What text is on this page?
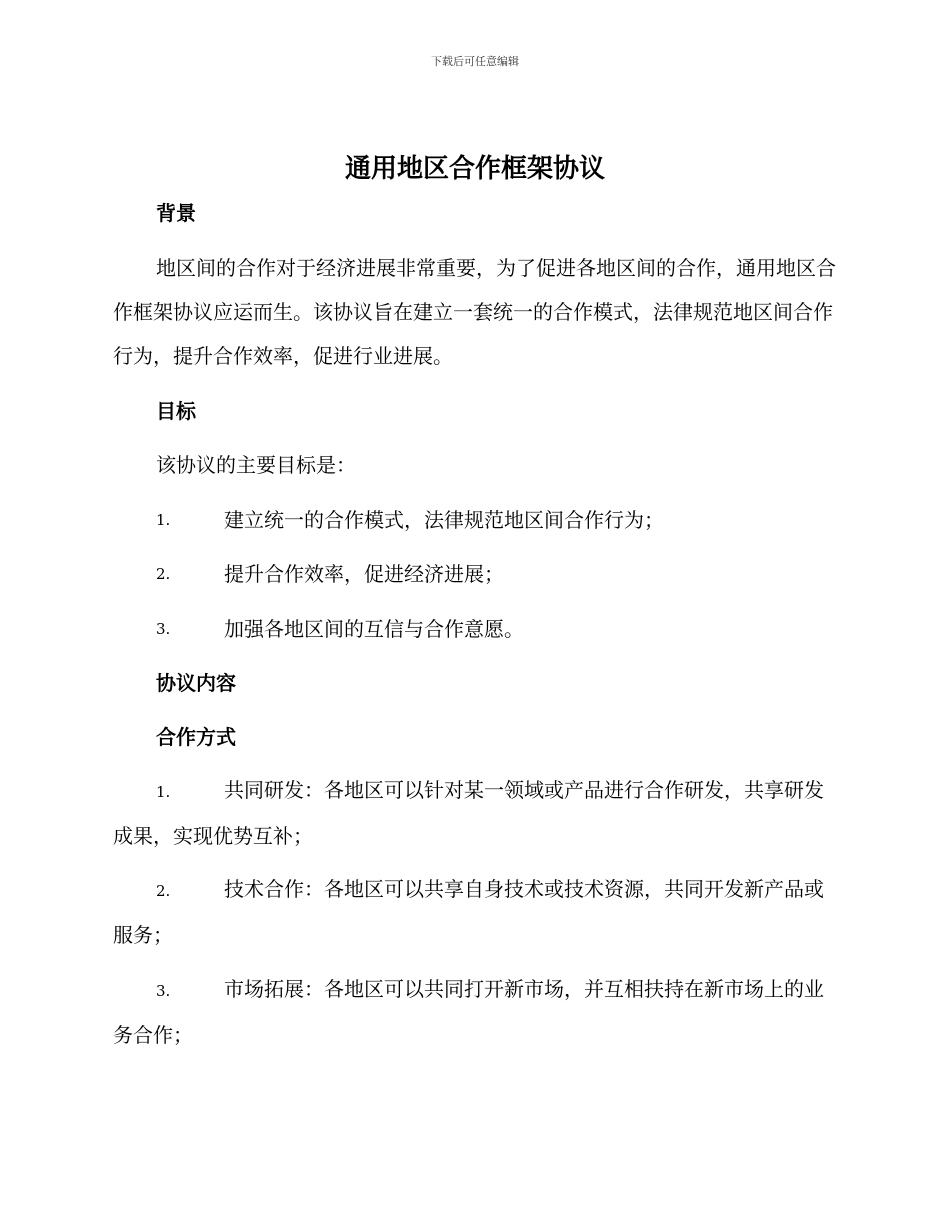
下载后可任意编辑
通用地区合作框架协议
背景

地区间的合作对于经济进展非常重要，为了促进各地区间的合作，通用地区合作框架协议应运而生。该协议旨在建立一套统一的合作模式，法律规范地区间合作行为，提升合作效率，促进行业进展。

目标
该协议的主要目标是：
1.	建立统一的合作模式，法律规范地区间合作行为；
2.	提升合作效率，促进经济进展；
3.	加强各地区间的互信与合作意愿。
协议内容
合作方式

1.	共同研发：各地区可以针对某一领域或产品进行合作研发，共享研发成果，实现优势互补；

2.	技术合作：各地区可以共享自身技术或技术资源，共同开发新产品或服务；

3.	市场拓展：各地区可以共同打开新市场，并互相扶持在新市场上的业务合作；
